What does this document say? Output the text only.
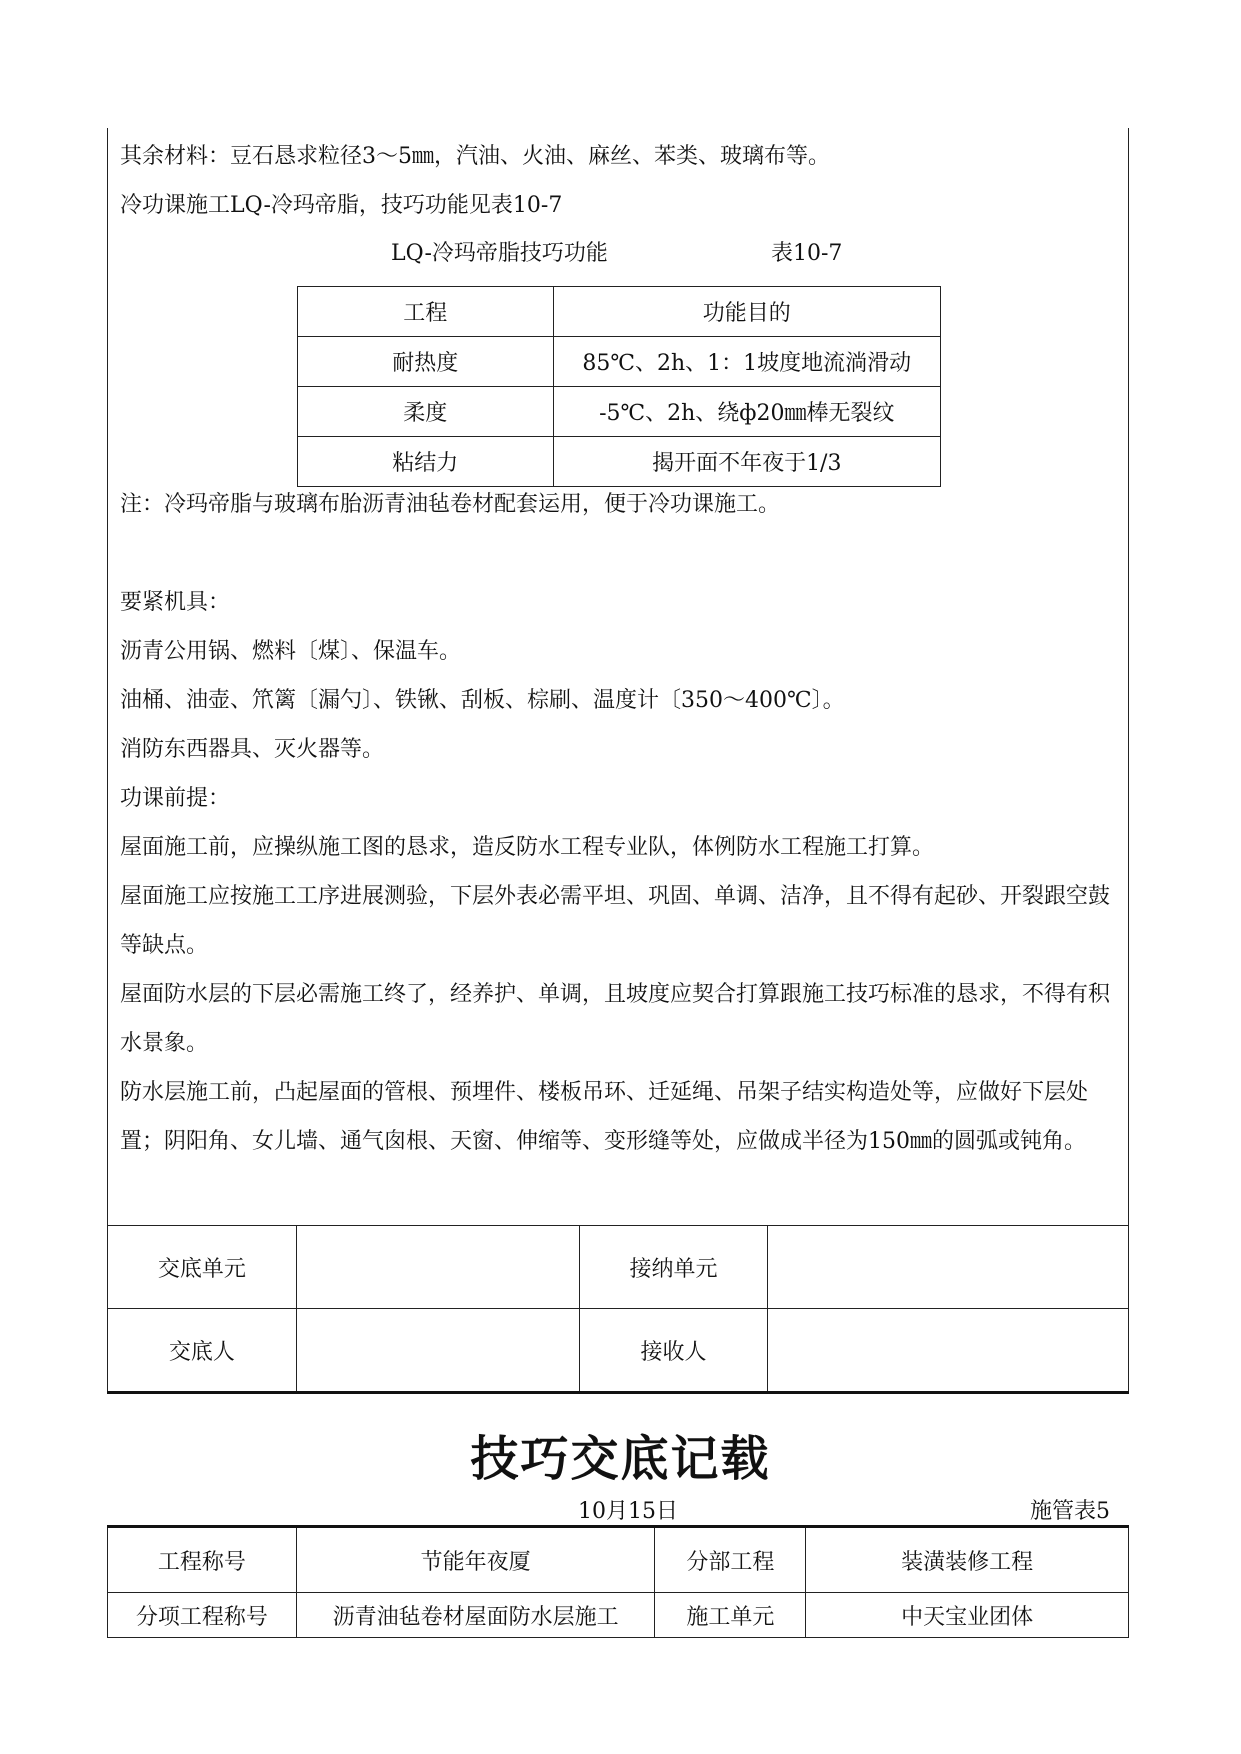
其余材料：豆石恳求粒径3～5㎜，汽油、火油、麻丝、苯类、玻璃布等。

冷功课施工LQ-冷玛帝脂，技巧功能见表10-7

LQ-冷玛帝脂技巧功能	表10-7
工程	功能目的
耐热度	85℃、2h、1：1坡度地流淌滑动
柔度	-5℃、2h、绕ф20㎜棒无裂纹
粘结力	揭开面不年夜于1/3

注：冷玛帝脂与玻璃布胎沥青油毡卷材配套运用，便于冷功课施工。

要紧机具：

沥青公用锅、燃料〔煤〕、保温车。

油桶、油壶、笊篱〔漏勺〕、铁锹、刮板、棕刷、温度计〔350～400℃〕。

消防东西器具、灭火器等。

功课前提：

屋面施工前，应操纵施工图的恳求，造反防水工程专业队，体例防水工程施工打算。

屋面施工应按施工工序进展测验，下层外表必需平坦、巩固、单调、洁净，且不得有起砂、开裂跟空鼓等缺点。

屋面防水层的下层必需施工终了，经养护、单调，且坡度应契合打算跟施工技巧标准的恳求，不得有积水景象。

防水层施工前，凸起屋面的管根、预埋件、楼板吊环、迁延绳、吊架子结实构造处等，应做好下层处置；阴阳角、女儿墙、通气囱根、天窗、伸缩等、变形缝等处，应做成半径为150㎜的圆弧或钝角。

交底单元		接纳单元	
交底人		接收人	
技巧交底记载
10月15日	施管表5
工程称号	节能年夜厦	分部工程	装潢装修工程
分项工程称号	沥青油毡卷材屋面防水层施工	施工单元	中天宝业团体
